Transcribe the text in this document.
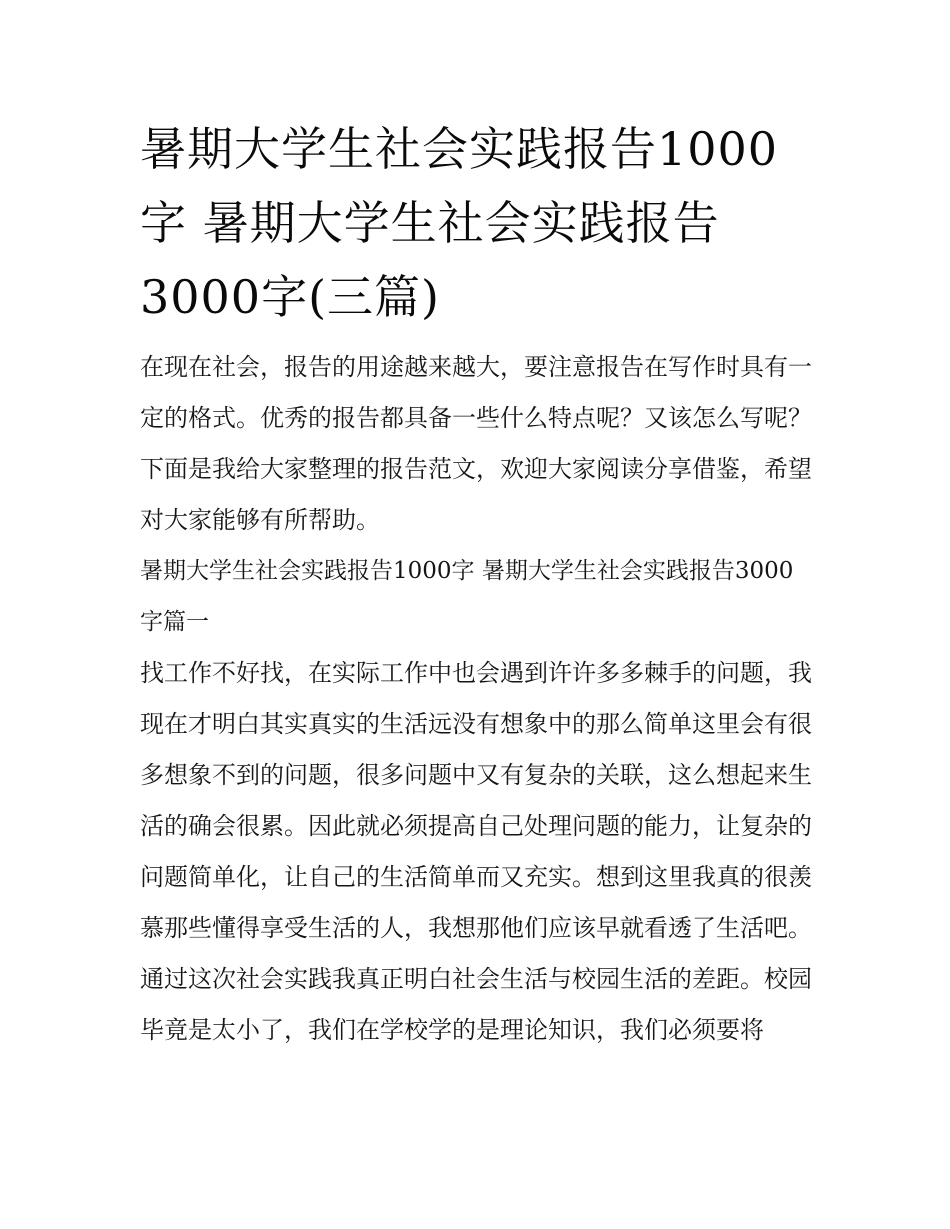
暑期大学生社会实践报告1000字 暑期大学生社会实践报告3000字(三篇)

在现在社会，报告的用途越来越大，要注意报告在写作时具有一定的格式。优秀的报告都具备一些什么特点呢？又该怎么写呢？下面是我给大家整理的报告范文，欢迎大家阅读分享借鉴，希望对大家能够有所帮助。

暑期大学生社会实践报告1000字 暑期大学生社会实践报告3000字篇一

找工作不好找，在实际工作中也会遇到许许多多棘手的问题，我现在才明白其实真实的生活远没有想象中的那么简单这里会有很多想象不到的问题，很多问题中又有复杂的关联，这么想起来生活的确会很累。因此就必须提高自己处理问题的能力，让复杂的问题简单化，让自己的生活简单而又充实。想到这里我真的很羡慕那些懂得享受生活的人，我想那他们应该早就看透了生活吧。

通过这次社会实践我真正明白社会生活与校园生活的差距。校园毕竟是太小了，我们在学校学的是理论知识，我们必须要将
